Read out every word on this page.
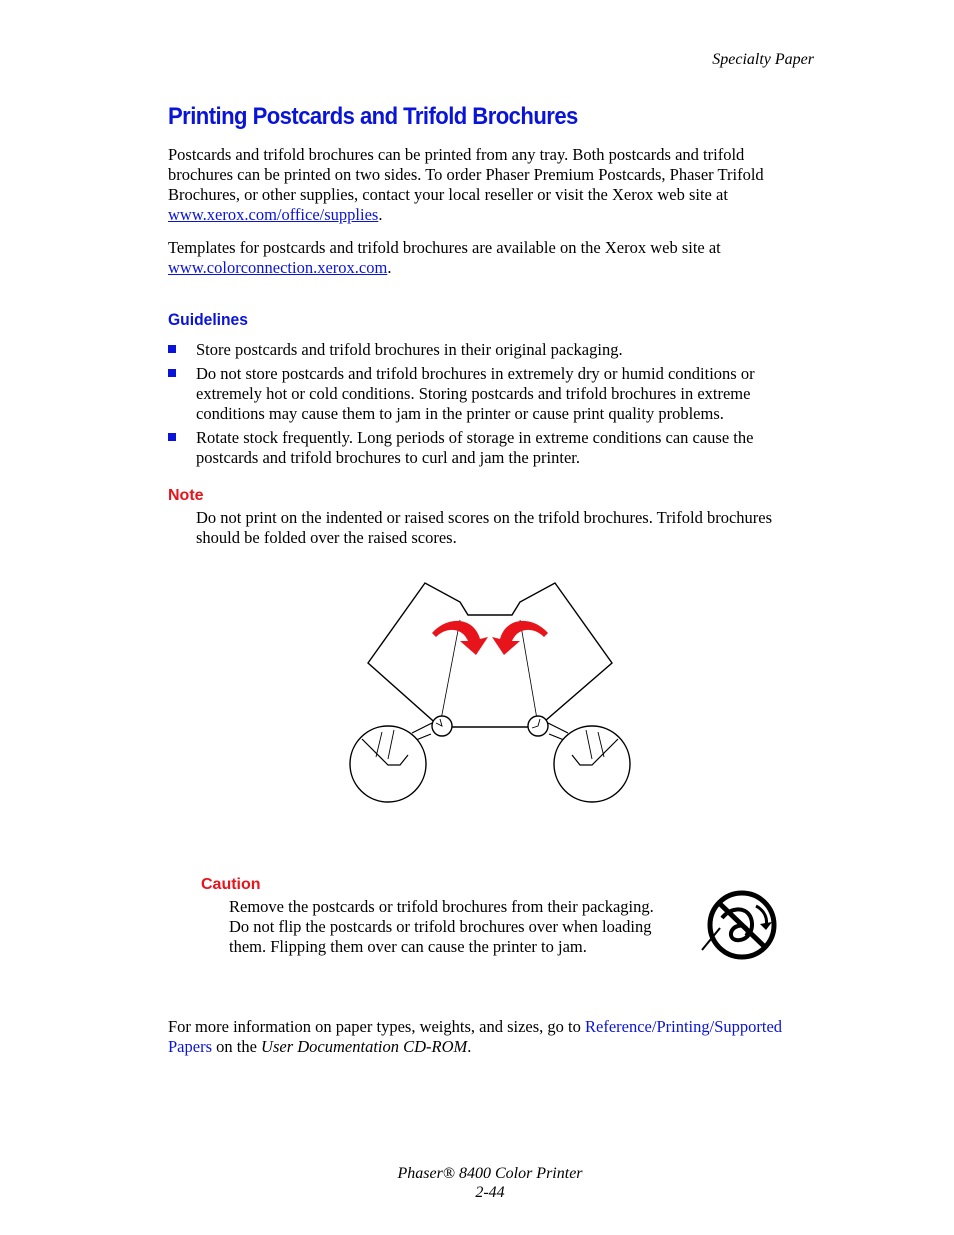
Specialty Paper
Printing Postcards and Trifold Brochures
Postcards and trifold brochures can be printed from any tray. Both postcards and trifold brochures can be printed on two sides. To order Phaser Premium Postcards, Phaser Trifold Brochures, or other supplies, contact your local reseller or visit the Xerox web site at www.xerox.com/office/supplies.
Templates for postcards and trifold brochures are available on the Xerox web site at www.colorconnection.xerox.com.
Guidelines
Store postcards and trifold brochures in their original packaging.
Do not store postcards and trifold brochures in extremely dry or humid conditions or extremely hot or cold conditions. Storing postcards and trifold brochures in extreme conditions may cause them to jam in the printer or cause print quality problems.
Rotate stock frequently. Long periods of storage in extreme conditions can cause the postcards and trifold brochures to curl and jam the printer.
Note
Do not print on the indented or raised scores on the trifold brochures. Trifold brochures should be folded over the raised scores.
Caution
Remove the postcards or trifold brochures from their packaging. Do not flip the postcards or trifold brochures over when loading them. Flipping them over can cause the printer to jam.
For more information on paper types, weights, and sizes, go to Reference/Printing/Supported Papers on the User Documentation CD-ROM.
Phaser® 8400 Color Printer
2-44
